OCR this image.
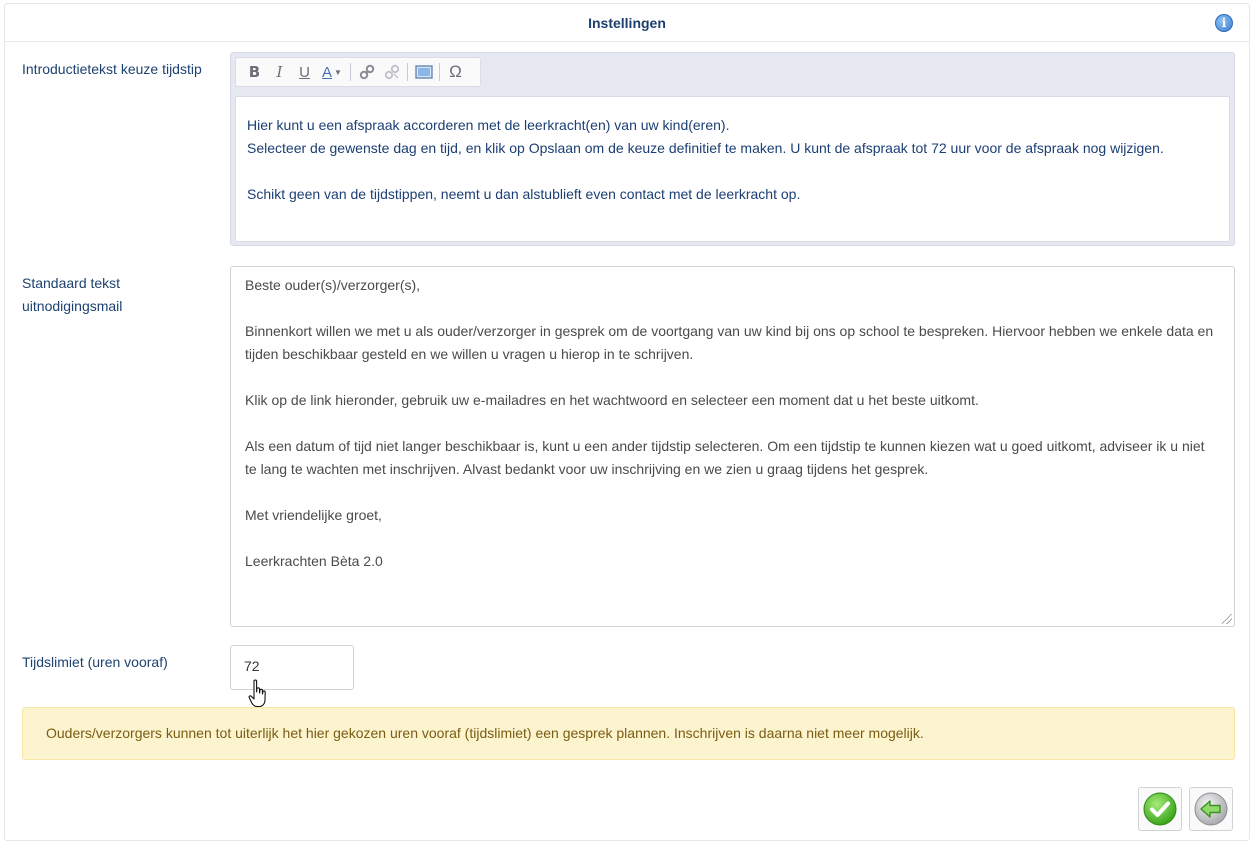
Instellingen	i
Introductietekst keuze tijdstip	B I U A ▼	Ω
Hier kunt u een afspraak accorderen met de leerkracht(en) van uw kind(eren).
Selecteer de gewenste dag en tijd, en klik op Opslaan om de keuze definitief te maken. U kunt de afspraak tot 72 uur voor de afspraak nog wijzigen.
Schikt geen van de tijdstippen, neemt u dan alstublieft even contact met de leerkracht op.
Standaard tekst uitnodigingsmail

Beste ouder(s)/verzorger(s),

Binnenkort willen we met u als ouder/verzorger in gesprek om de voortgang van uw kind bij ons op school te bespreken. Hiervoor hebben we enkele data en tijden beschikbaar gesteld en we willen u vragen u hierop in te schrijven.

Klik op de link hieronder, gebruik uw e-mailadres en het wachtwoord en selecteer een moment dat u het beste uitkomt.

Als een datum of tijd niet langer beschikbaar is, kunt u een ander tijdstip selecteren. Om een tijdstip te kunnen kiezen wat u goed uitkomt, adviseer ik u niet te lang te wachten met inschrijven. Alvast bedankt voor uw inschrijving en we zien u graag tijdens het gesprek.

Met vriendelijke groet,

Leerkrachten Bèta 2.0

Tijdslimiet (uren vooraf)	72
Ouders/verzorgers kunnen tot uiterlijk het hier gekozen uren vooraf (tijdslimiet) een gesprek plannen. Inschrijven is daarna niet meer mogelijk.
